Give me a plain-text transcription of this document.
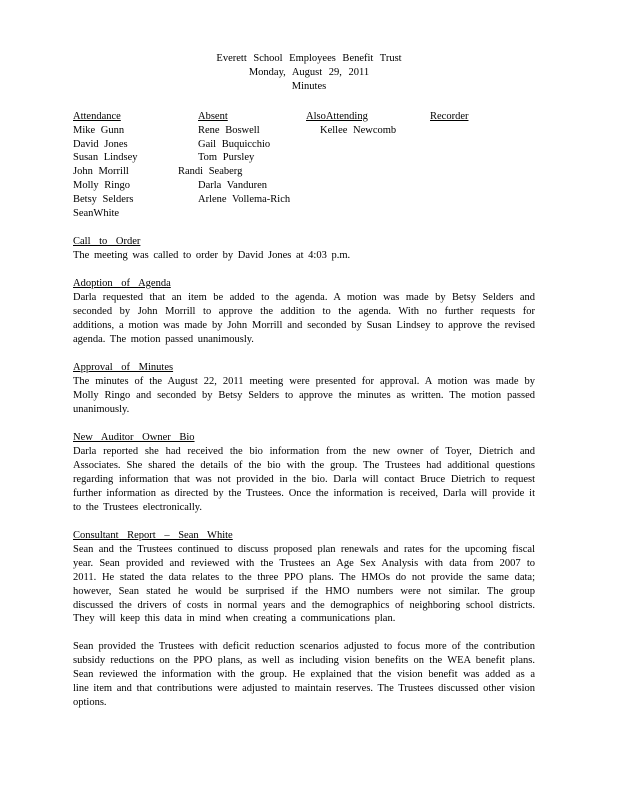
Everett School Employees Benefit Trust
Monday, August 29, 2011
Minutes
Attendance
Mike Gunn
David Jones
Susan Lindsey
John Morrill
Molly Ringo
Betsy Selders
SeanWhite
Absent
Rene Boswell
Gail Buquicchio
Tom Pursley
Randi Seaberg
Darla Vanduren
Arlene Vollema-Rich
AlsoAttending
Kellee Newcomb
Recorder
Call to Order
The meeting was called to order by David Jones at 4:03 p.m.
Adoption of Agenda
Darla requested that an item be added to the agenda. A motion was made by Betsy Selders and seconded by John Morrill to approve the addition to the agenda. With no further requests for additions, a motion was made by John Morrill and seconded by Susan Lindsey to approve the revised agenda. The motion passed unanimously.
Approval of Minutes
The minutes of the August 22, 2011 meeting were presented for approval. A motion was made by Molly Ringo and seconded by Betsy Selders to approve the minutes as written. The motion passed unanimously.
New Auditor Owner Bio
Darla reported she had received the bio information from the new owner of Toyer, Dietrich and Associates. She shared the details of the bio with the group. The Trustees had additional questions regarding information that was not provided in the bio. Darla will contact Bruce Dietrich to request further information as directed by the Trustees. Once the information is received, Darla will provide it to the Trustees electronically.
Consultant Report – Sean White
Sean and the Trustees continued to discuss proposed plan renewals and rates for the upcoming fiscal year. Sean provided and reviewed with the Trustees an Age Sex Analysis with data from 2007 to 2011. He stated the data relates to the three PPO plans. The HMOs do not provide the same data; however, Sean stated he would be surprised if the HMO numbers were not similar. The group discussed the drivers of costs in normal years and the demographics of neighboring school districts. They will keep this data in mind when creating a communications plan.
Sean provided the Trustees with deficit reduction scenarios adjusted to focus more of the contribution subsidy reductions on the PPO plans, as well as including vision benefits on the WEA benefit plans. Sean reviewed the information with the group. He explained that the vision benefit was added as a line item and that contributions were adjusted to maintain reserves. The Trustees discussed other vision options.
